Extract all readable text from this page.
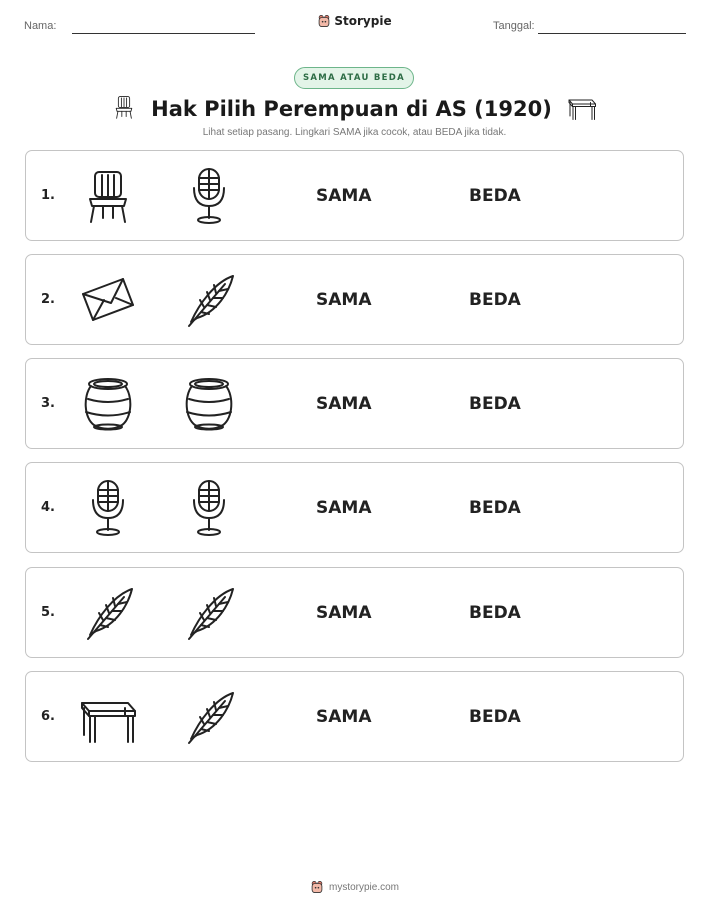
Nama:	Storypie	Tanggal:
SAMA ATAU BEDA
Hak Pilih Perempuan di AS (1920)
Lihat setiap pasang. Lingkari SAMA jika cocok, atau BEDA jika tidak.
1.	SAMA	BEDA
2.	SAMA	BEDA
3.	SAMA	BEDA
4.	SAMA	BEDA
5.	SAMA	BEDA
6.	SAMA	BEDA
mystorypie.com
